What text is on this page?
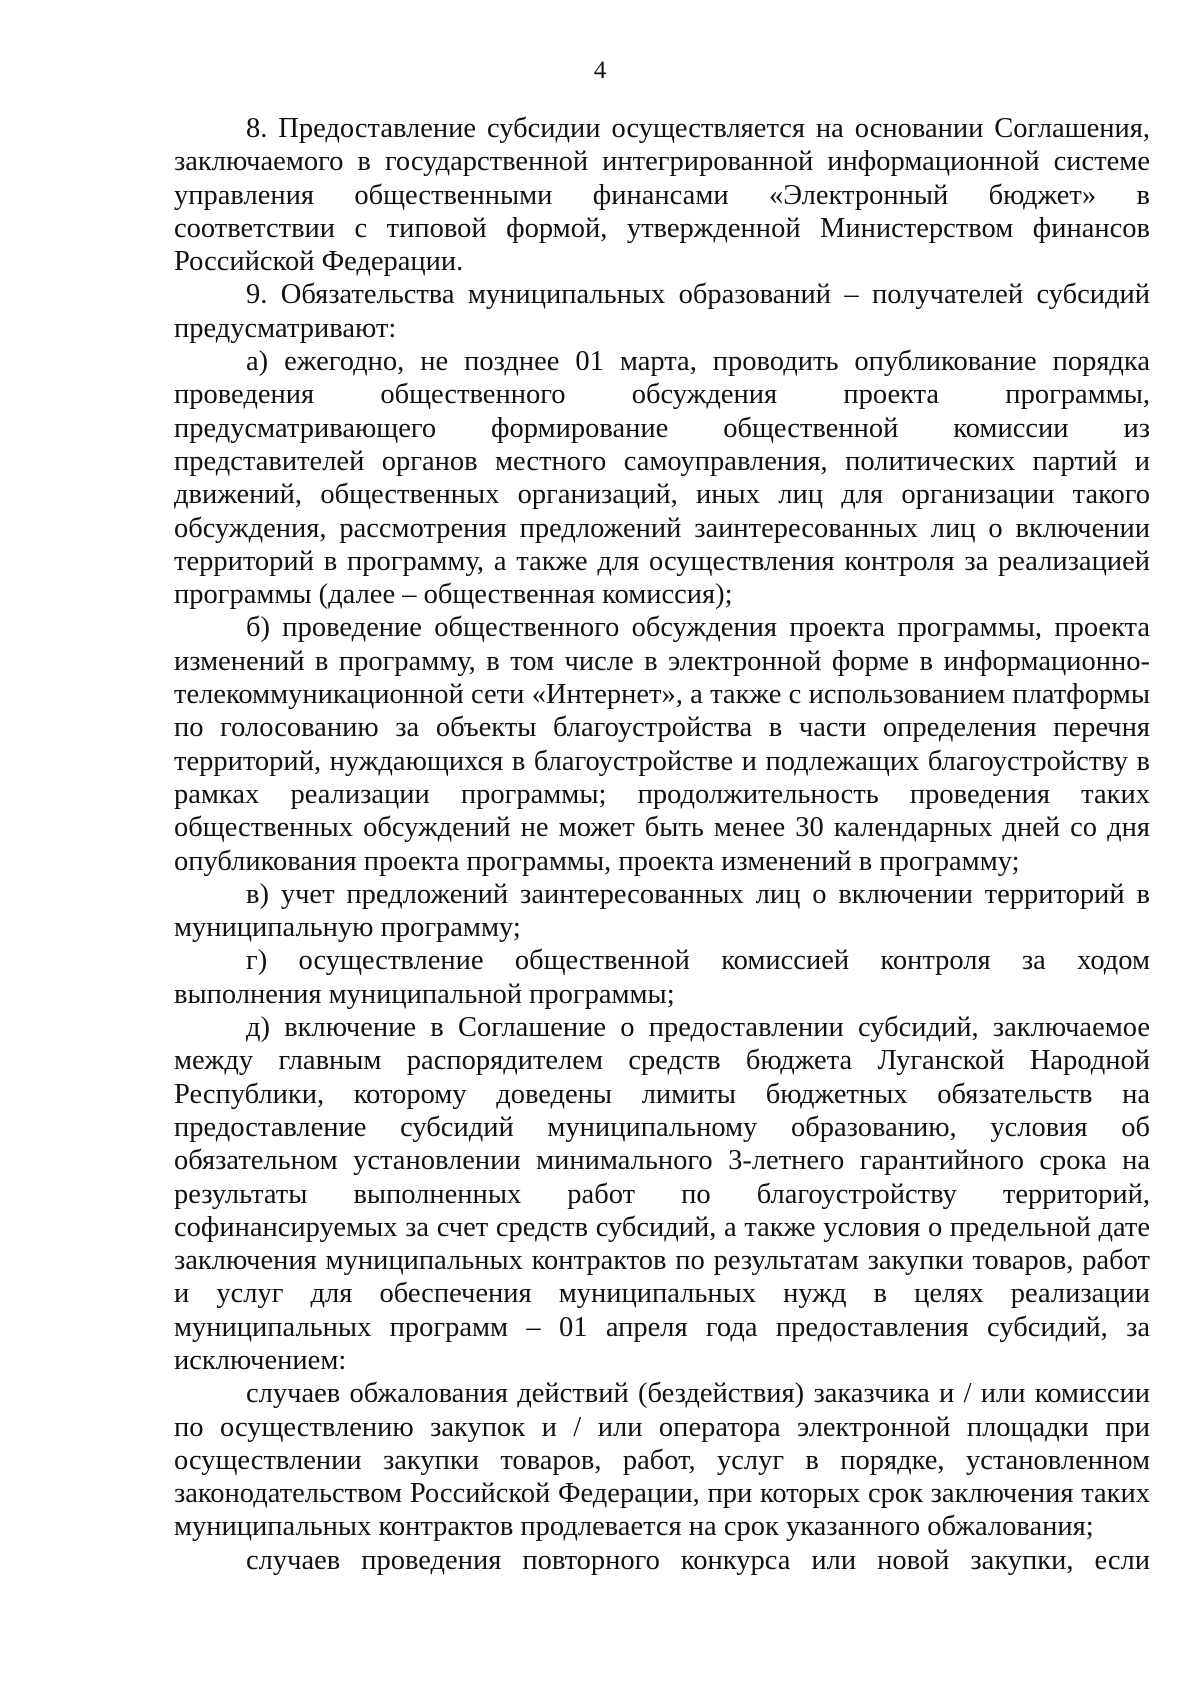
4

8. Предоставление субсидии осуществляется на основании Соглашения, заключаемого в государственной интегрированной информационной системе управления общественными финансами «Электронный бюджет» в соответствии с типовой формой, утвержденной Министерством финансов Российской Федерации.

9. Обязательства муниципальных образований – получателей субсидий предусматривают:

а) ежегодно, не позднее 01 марта, проводить опубликование порядка проведения общественного обсуждения проекта программы, предусматривающего формирование общественной комиссии из представителей органов местного самоуправления, политических партий и движений, общественных организаций, иных лиц для организации такого обсуждения, рассмотрения предложений заинтересованных лиц о включении территорий в программу, а также для осуществления контроля за реализацией программы (далее – общественная комиссия);

б) проведение общественного обсуждения проекта программы, проекта изменений в программу, в том числе в электронной форме в информационно-телекоммуникационной сети «Интернет», а также с использованием платформы по голосованию за объекты благоустройства в части определения перечня территорий, нуждающихся в благоустройстве и подлежащих благоустройству в рамках реализации программы; продолжительность проведения таких общественных обсуждений не может быть менее 30 календарных дней со дня опубликования проекта программы, проекта изменений в программу;

в) учет предложений заинтересованных лиц о включении территорий в муниципальную программу;

г) осуществление общественной комиссией контроля за ходом выполнения муниципальной программы;

д) включение в Соглашение о предоставлении субсидий, заключаемое между главным распорядителем средств бюджета Луганской Народной Республики, которому доведены лимиты бюджетных обязательств на предоставление субсидий муниципальному образованию, условия об обязательном установлении минимального 3-летнего гарантийного срока на результаты выполненных работ по благоустройству территорий, софинансируемых за счет средств субсидий, а также условия о предельной дате заключения муниципальных контрактов по результатам закупки товаров, работ и услуг для обеспечения муниципальных нужд в целях реализации муниципальных программ – 01 апреля года предоставления субсидий, за исключением:

случаев обжалования действий (бездействия) заказчика и / или комиссии по осуществлению закупок и / или оператора электронной площадки при осуществлении закупки товаров, работ, услуг в порядке, установленном законодательством Российской Федерации, при которых срок заключения таких муниципальных контрактов продлевается на срок указанного обжалования;

случаев проведения повторного конкурса или новой закупки, если
